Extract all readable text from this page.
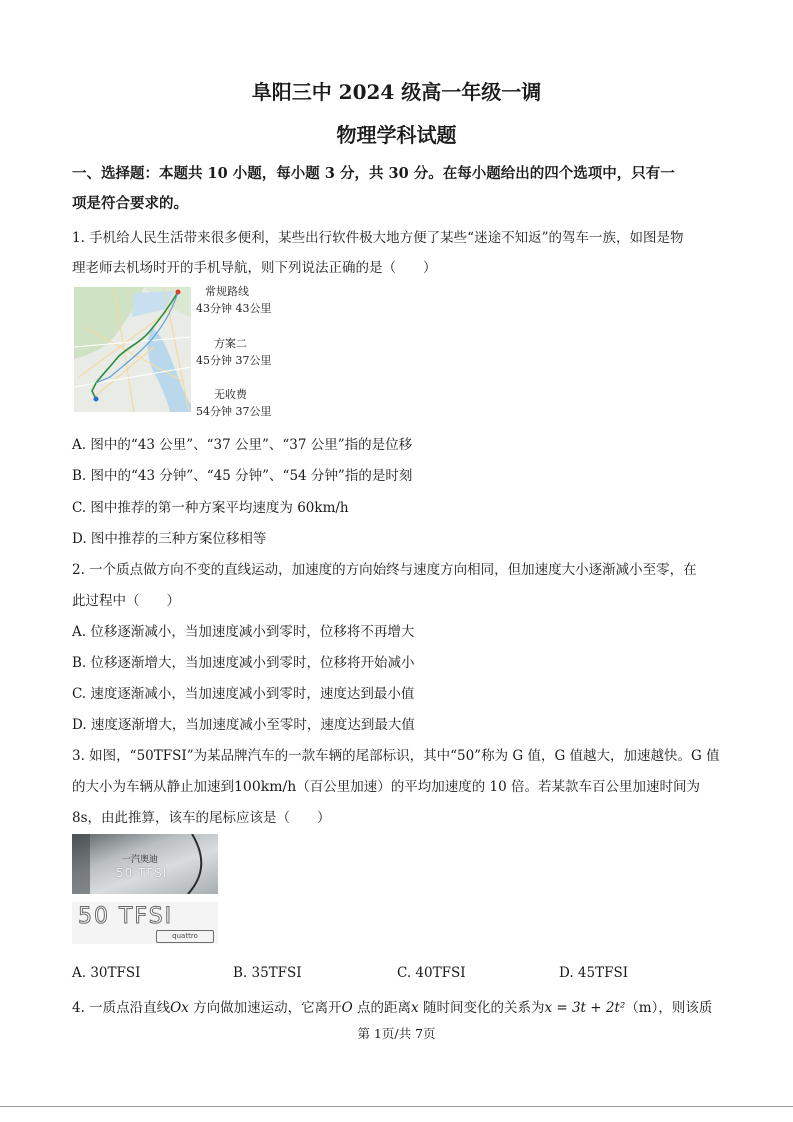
阜阳三中 2024 级高一年级一调
物理学科试题
一、选择题：本题共 10 小题，每小题 3 分，共 30 分。在每小题给出的四个选项中，只有一
项是符合要求的。
1. 手机给人民生活带来很多便利，某些出行软件极大地方便了某些“迷途不知返”的驾车一族，如图是物
理老师去机场时开的手机导航，则下列说法正确的是（　　）
常规路线
43分钟 43公里
方案二
45分钟 37公里
无收费
54分钟 37公里
A. 图中的“43 公里”、“37 公里”、“37 公里”指的是位移
B. 图中的“43 分钟”、“45 分钟”、“54 分钟”指的是时刻
C. 图中推荐的第一种方案平均速度为 60km/h
D. 图中推荐的三种方案位移相等
2. 一个质点做方向不变的直线运动，加速度的方向始终与速度方向相同，但加速度大小逐渐减小至零，在
此过程中（　　）
A. 位移逐渐减小，当加速度减小到零时，位移将不再增大
B. 位移逐渐增大，当加速度减小到零时，位移将开始减小
C. 速度逐渐减小，当加速度减小到零时，速度达到最小值
D. 速度逐渐增大，当加速度减小至零时，速度达到最大值
3. 如图，“50TFSI”为某品牌汽车的一款车辆的尾部标识，其中“50”称为 G 值，G 值越大，加速越快。G 值
的大小为车辆从静止加速到100km/h（百公里加速）的平均加速度的 10 倍。若某款车百公里加速时间为
8s，由此推算，该车的尾标应该是（　　）
一汽奥迪
50 TFSI
50 TFSI
quattro
A. 30TFSI	B. 35TFSI	C. 40TFSI	D. 45TFSI
4. 一质点沿直线Ox 方向做加速运动，它离开O 点的距离x 随时间变化的关系为x = 3t + 2t²（m），则该质
第 1页/共 7页
